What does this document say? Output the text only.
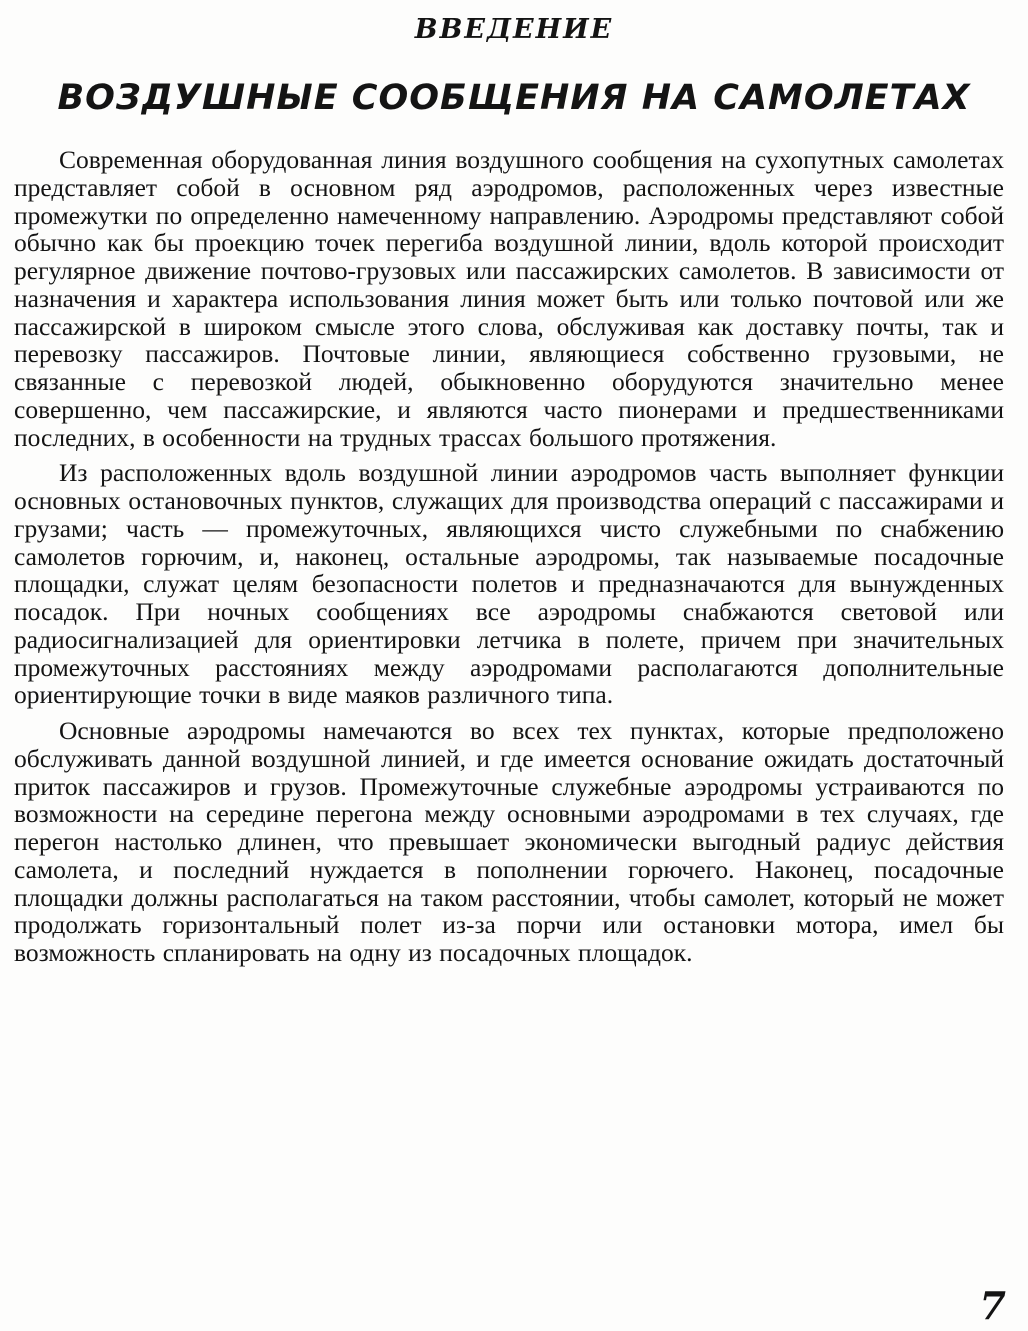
ВВЕДЕНИЕ
ВОЗДУШНЫЕ СООБЩЕНИЯ НА САМОЛЕТАХ

Современная оборудованная линия воздушного сообщения на сухопутных самолетах представляет собой в основном ряд аэродромов, расположенных через известные промежутки по определенно намеченному направлению. Аэродромы представляют собой обычно как бы проекцию точек перегиба воздушной линии, вдоль которой происходит регулярное движение почтово-грузовых или пассажирских самолетов. В зависимости от назначения и характера использования линия может быть или только почтовой или же пассажирской в широком смысле этого слова, обслуживая как доставку почты, так и перевозку пассажиров. Почтовые линии, являющиеся собственно грузовыми, не связанные с перевозкой людей, обыкновенно оборудуются значительно менее совершенно, чем пассажирские, и являются часто пионерами и предшественниками последних, в особенности на трудных трассах большого протяжения.

Из расположенных вдоль воздушной линии аэродромов часть выполняет функции основных остановочных пунктов, служащих для производства операций с пассажирами и грузами; часть — промежуточных, являющихся чисто служебными по снабжению самолетов горючим, и, наконец, остальные аэродромы, так называемые посадочные площадки, служат целям безопасности полетов и предназначаются для вынужденных посадок. При ночных сообщениях все аэродромы снабжаются световой или радиосигнализацией для ориентировки летчика в полете, причем при значительных промежуточных расстояниях между аэродромами располагаются дополнительные ориентирующие точки в виде маяков различного типа.

Основные аэродромы намечаются во всех тех пунктах, которые предположено обслуживать данной воздушной линией, и где имеется основание ожидать достаточный приток пассажиров и грузов. Промежуточные служебные аэродромы устраиваются по возможности на середине перегона между основными аэродромами в тех случаях, где перегон настолько длинен, что превышает экономически выгодный радиус действия самолета, и последний нуждается в пополнении горючего. Наконец, посадочные площадки должны располагаться на таком расстоянии, чтобы самолет, который не может продолжать горизонтальный полет из-за порчи или остановки мотора, имел бы возможность спланировать на одну из посадочных площадок.

7
